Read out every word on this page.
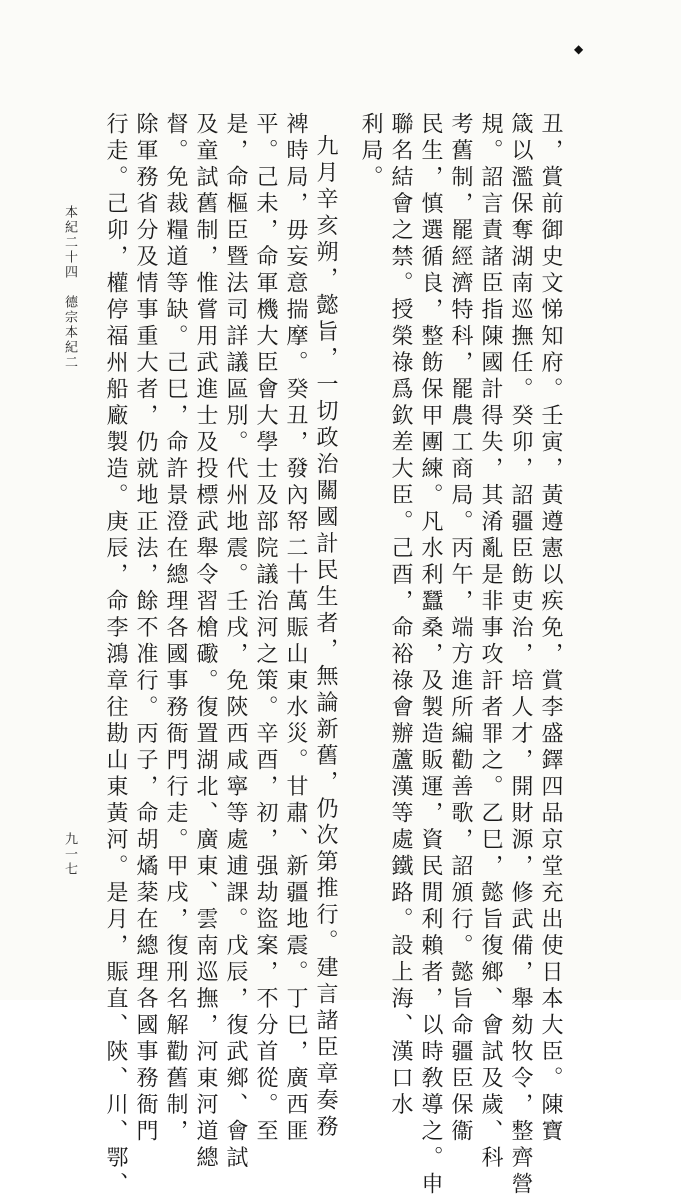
◆
丑，賞前御史文悌知府。壬寅，黃遵憲以疾免，賞李盛鐸四品京堂充出使日本大臣。陳寶
箴以濫保奪湖南巡撫任。癸卯，詔疆臣飭吏治，培人才，開財源，修武備，舉劾牧令，整齊營
規。詔言責諸臣指陳國計得失，其淆亂是非事攻訐者罪之。乙巳，懿旨復鄉、會試及歲、科
考舊制，罷經濟特科，罷農工商局。丙午，端方進所編勸善歌，詔頒行。懿旨命疆臣保衞
民生，慎選循良，整飭保甲團練。凡水利蠶桑，及製造販運，資民閒利賴者，以時敎導之。申
聯名結會之禁。授榮祿爲欽差大臣。己酉，命裕祿會辦蘆漢等處鐵路。設上海、漢口水
利局。
九月辛亥朔，懿旨，一切政治關國計民生者，無論新舊，仍次第推行。建言諸臣章奏務
裨時局，毋妄意揣摩。癸丑，發內帑二十萬賑山東水災。甘肅、新疆地震。丁巳，廣西匪
平。己未，命軍機大臣會大學士及部院議治河之策。辛酉，初，强劫盜案，不分首從。至
是，命樞臣暨法司詳議區別。代州地震。壬戌，免陝西咸寧等處逋課。戊辰，復武鄉、會試
及童試舊制，惟嘗用武進士及投標武舉令習槍礮。復置湖北、廣東、雲南巡撫，河東河道總
督。免裁糧道等缺。己巳，命許景澄在總理各國事務衙門行走。甲戌，復刑名解勸舊制，
除軍務省分及情事重大者，仍就地正法，餘不准行。丙子，命胡燏棻在總理各國事務衙門
行走。己卯，權停福州船廠製造。庚辰，命李鴻章往勘山東黃河。是月，賑直、陝、川、鄂、
本紀二十四　德宗本紀二
九一七
